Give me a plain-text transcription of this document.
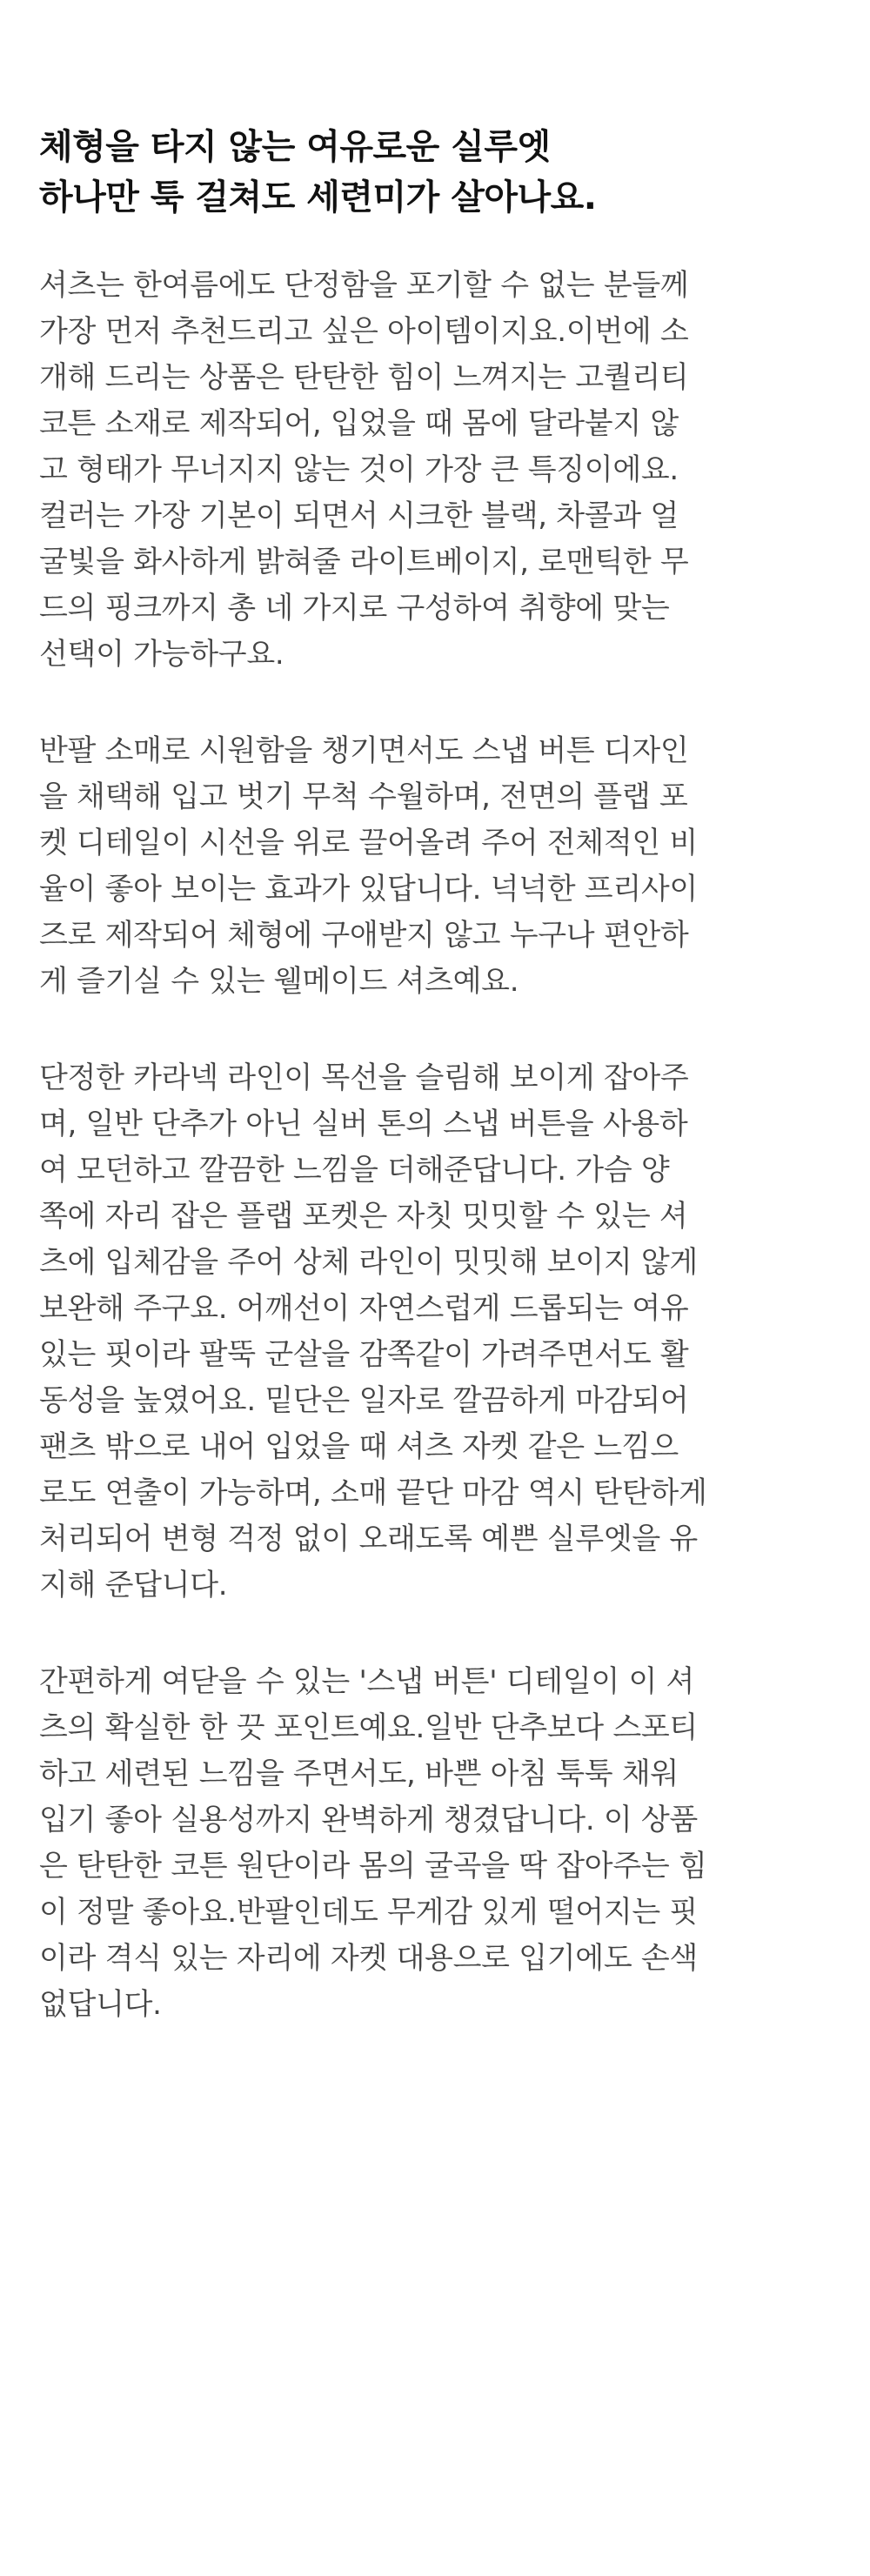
체형을 타지 않는 여유로운 실루엣
하나만 툭 걸쳐도 세련미가 살아나요.
셔츠는 한여름에도 단정함을 포기할 수 없는 분들께
가장 먼저 추천드리고 싶은 아이템이지요.이번에 소
개해 드리는 상품은 탄탄한 힘이 느껴지는 고퀄리티
코튼 소재로 제작되어, 입었을 때 몸에 달라붙지 않
고 형태가 무너지지 않는 것이 가장 큰 특징이에요.
컬러는 가장 기본이 되면서 시크한 블랙, 차콜과 얼
굴빛을 화사하게 밝혀줄 라이트베이지, 로맨틱한 무
드의 핑크까지 총 네 가지로 구성하여 취향에 맞는
선택이 가능하구요.
반팔 소매로 시원함을 챙기면서도 스냅 버튼 디자인
을 채택해 입고 벗기 무척 수월하며, 전면의 플랩 포
켓 디테일이 시선을 위로 끌어올려 주어 전체적인 비
율이 좋아 보이는 효과가 있답니다. 넉넉한 프리사이
즈로 제작되어 체형에 구애받지 않고 누구나 편안하
게 즐기실 수 있는 웰메이드 셔츠예요.
단정한 카라넥 라인이 목선을 슬림해 보이게 잡아주
며, 일반 단추가 아닌 실버 톤의 스냅 버튼을 사용하
여 모던하고 깔끔한 느낌을 더해준답니다. 가슴 양
쪽에 자리 잡은 플랩 포켓은 자칫 밋밋할 수 있는 셔
츠에 입체감을 주어 상체 라인이 밋밋해 보이지 않게
보완해 주구요. 어깨선이 자연스럽게 드롭되는 여유
있는 핏이라 팔뚝 군살을 감쪽같이 가려주면서도 활
동성을 높였어요. 밑단은 일자로 깔끔하게 마감되어
팬츠 밖으로 내어 입었을 때 셔츠 자켓 같은 느낌으
로도 연출이 가능하며, 소매 끝단 마감 역시 탄탄하게
처리되어 변형 걱정 없이 오래도록 예쁜 실루엣을 유
지해 준답니다.
간편하게 여닫을 수 있는 '스냅 버튼' 디테일이 이 셔
츠의 확실한 한 끗 포인트예요.일반 단추보다 스포티
하고 세련된 느낌을 주면서도, 바쁜 아침 툭툭 채워
입기 좋아 실용성까지 완벽하게 챙겼답니다. 이 상품
은 탄탄한 코튼 원단이라 몸의 굴곡을 딱 잡아주는 힘
이 정말 좋아요.반팔인데도 무게감 있게 떨어지는 핏
이라 격식 있는 자리에 자켓 대용으로 입기에도 손색
없답니다.
